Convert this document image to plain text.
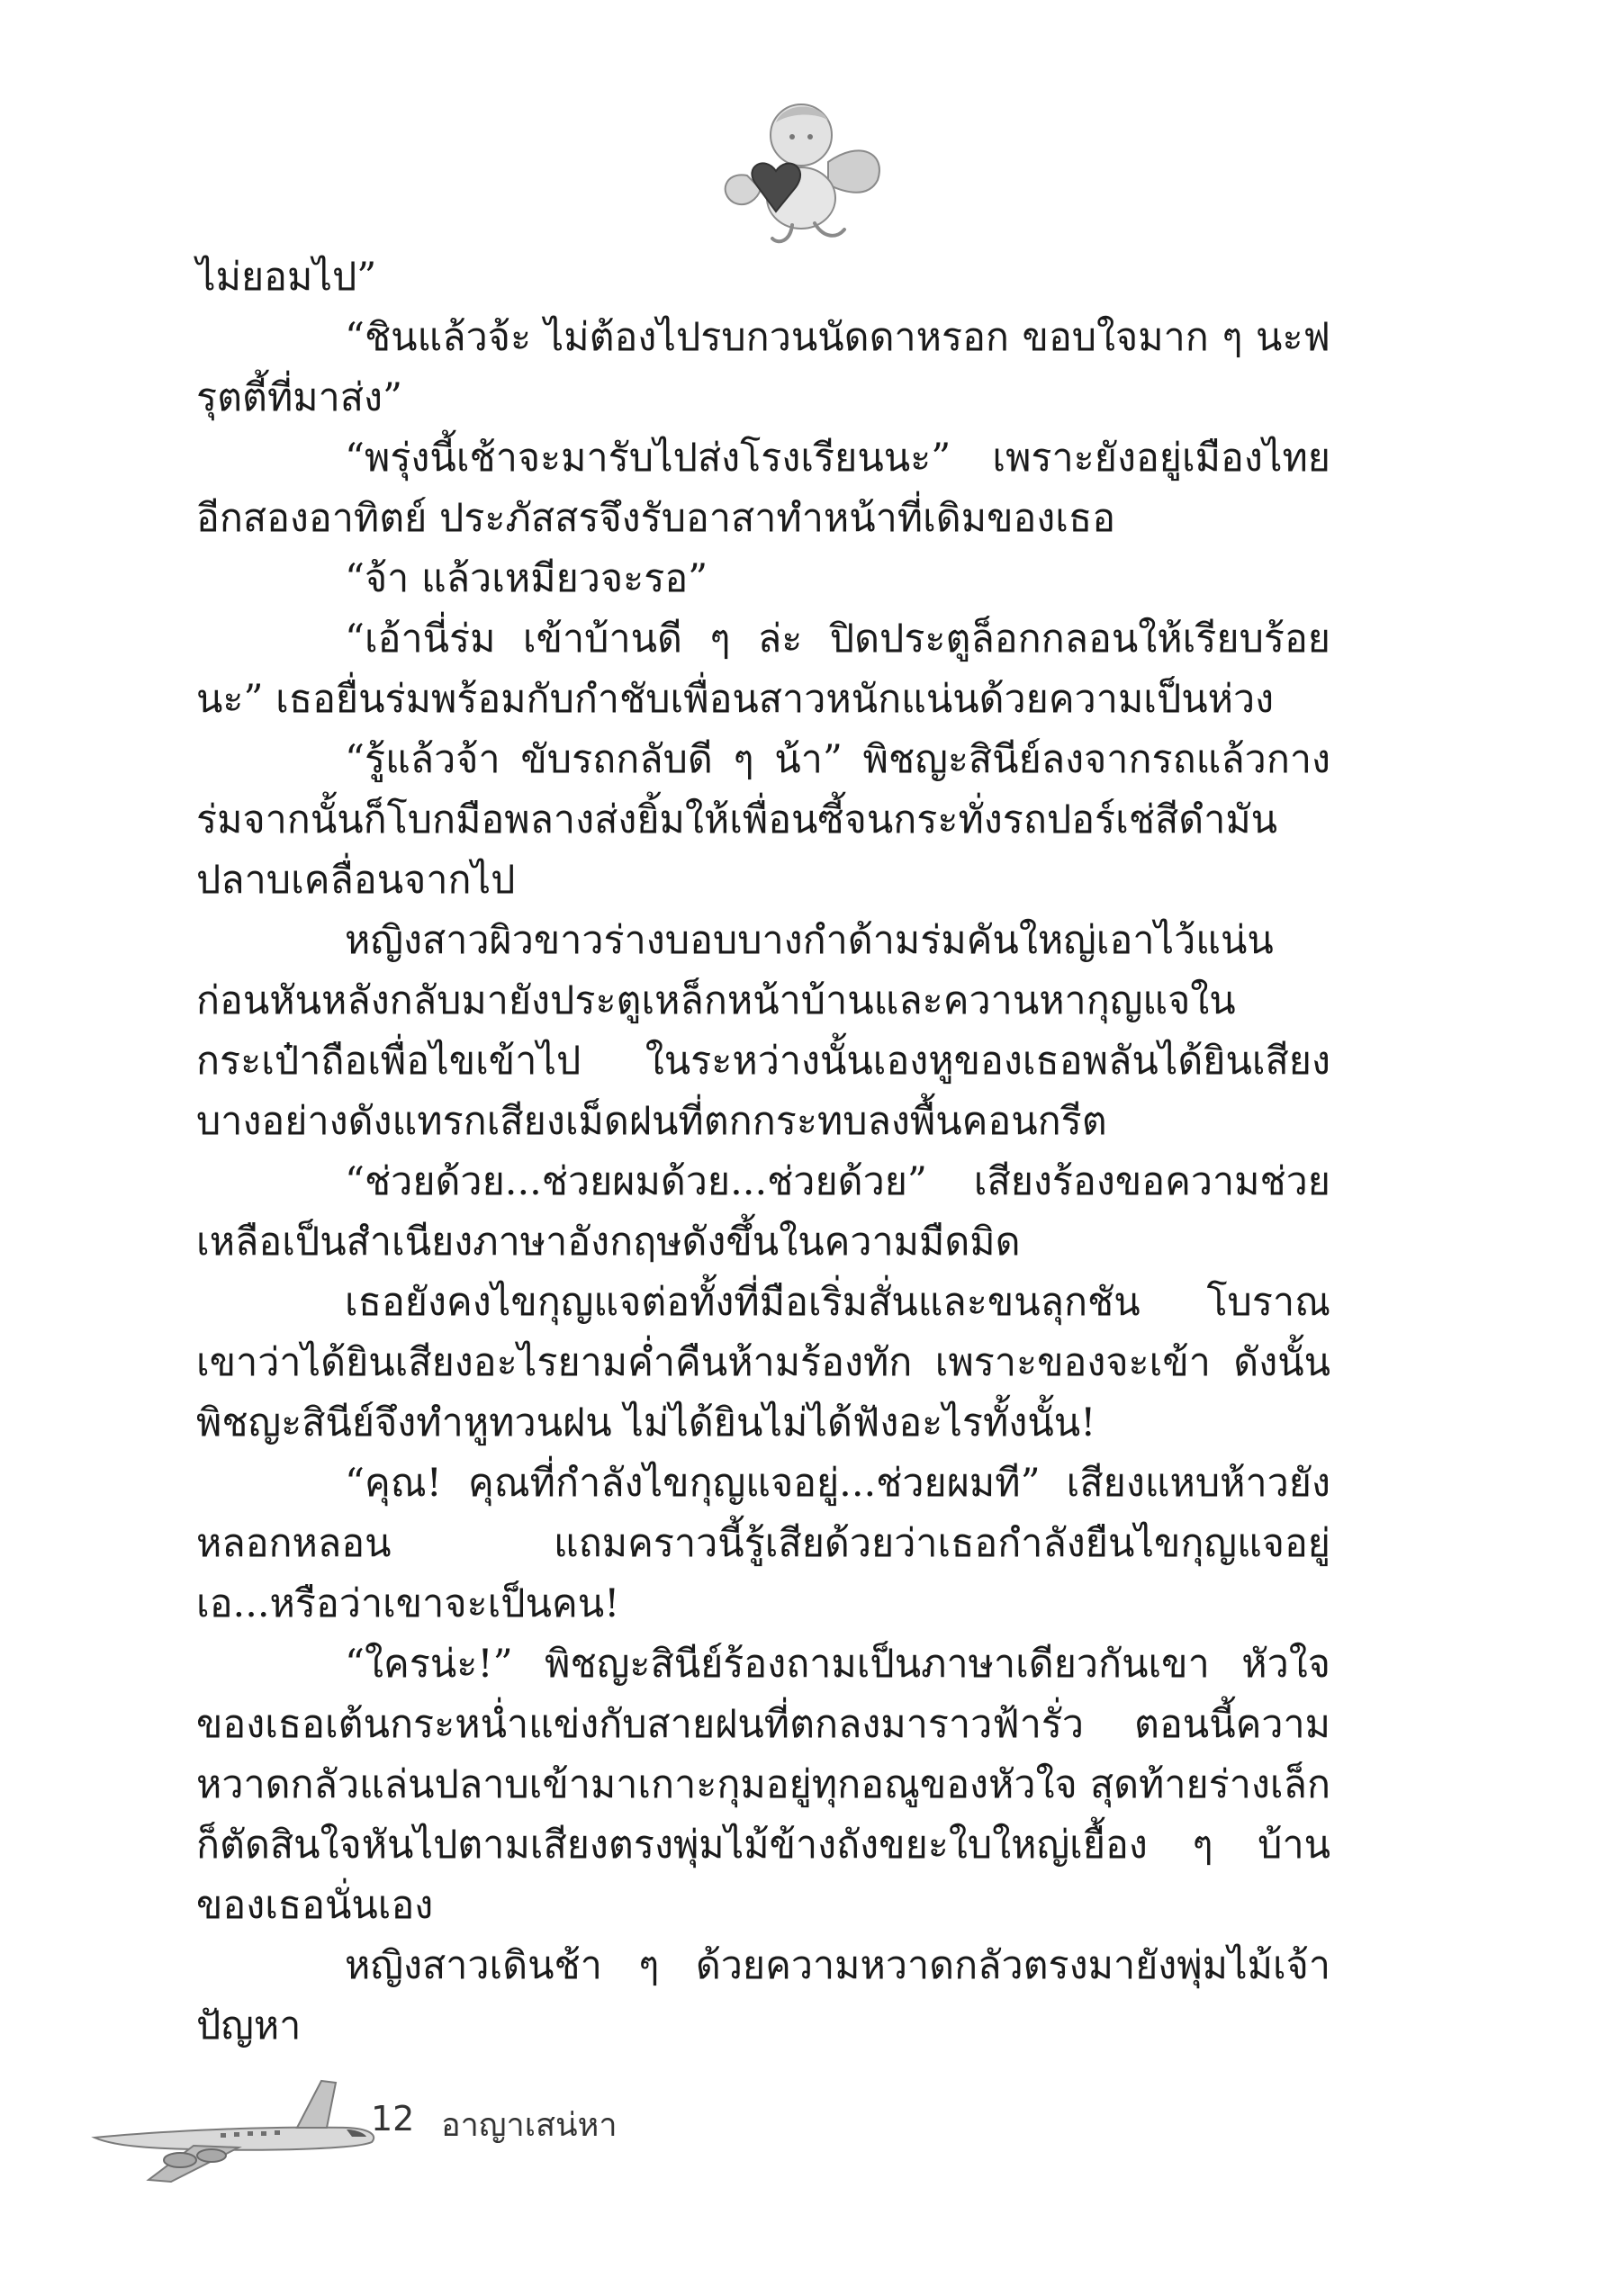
ไม่ยอมไป”

“ชินแล้วจ้ะ ไม่ต้องไปรบกวนนัดดาหรอก ขอบใจมาก ๆ นะฟรุตตี้ที่มาส่ง”

“พรุ่งนี้เช้าจะมารับไปส่งโรงเรียนนะ” เพราะยังอยู่เมืองไทยอีกสองอาทิตย์ ประภัสสรจึงรับอาสาทำหน้าที่เดิมของเธอ

“จ้า แล้วเหมียวจะรอ”

“เอ้านี่ร่ม เข้าบ้านดี ๆ ล่ะ ปิดประตูล็อกกลอนให้เรียบร้อยนะ” เธอยื่นร่มพร้อมกับกำชับเพื่อนสาวหนักแน่นด้วยความเป็นห่วง

“รู้แล้วจ้า ขับรถกลับดี ๆ น้า” พิชญะสินีย์ลงจากรถแล้วกางร่มจากนั้นก็โบกมือพลางส่งยิ้มให้เพื่อนซี้จนกระทั่งรถปอร์เช่สีดำมันปลาบเคลื่อนจากไป

หญิงสาวผิวขาวร่างบอบบางกำด้ามร่มคันใหญ่เอาไว้แน่น ก่อนหันหลังกลับมายังประตูเหล็กหน้าบ้านและควานหากุญแจในกระเป๋าถือเพื่อไขเข้าไป ในระหว่างนั้นเองหูของเธอพลันได้ยินเสียงบางอย่างดังแทรกเสียงเม็ดฝนที่ตกกระทบลงพื้นคอนกรีต

“ช่วยด้วย...ช่วยผมด้วย...ช่วยด้วย” เสียงร้องขอความช่วยเหลือเป็นสำเนียงภาษาอังกฤษดังขึ้นในความมืดมิด

เธอยังคงไขกุญแจต่อทั้งที่มือเริ่มสั่นและขนลุกชัน โบราณเขาว่าได้ยินเสียงอะไรยามค่ำคืนห้ามร้องทัก เพราะของจะเข้า ดังนั้นพิชญะสินีย์จึงทำหูทวนฝน ไม่ได้ยินไม่ได้ฟังอะไรทั้งนั้น!

“คุณ! คุณที่กำลังไขกุญแจอยู่...ช่วยผมที” เสียงแหบห้าวยังหลอกหลอน แถมคราวนี้รู้เสียด้วยว่าเธอกำลังยืนไขกุญแจอยู่ เอ...หรือว่าเขาจะเป็นคน!

“ใครน่ะ!” พิชญะสินีย์ร้องถามเป็นภาษาเดียวกันเขา หัวใจของเธอเต้นกระหน่ำแข่งกับสายฝนที่ตกลงมาราวฟ้ารั่ว ตอนนี้ความหวาดกลัวแล่นปลาบเข้ามาเกาะกุมอยู่ทุกอณูของหัวใจ สุดท้ายร่างเล็กก็ตัดสินใจหันไปตามเสียงตรงพุ่มไม้ข้างถังขยะใบใหญ่เยื้อง ๆ บ้านของเธอนั่นเอง

หญิงสาวเดินช้า ๆ ด้วยความหวาดกลัวตรงมายังพุ่มไม้เจ้าปัญหา

12 อาญาเสน่หา
